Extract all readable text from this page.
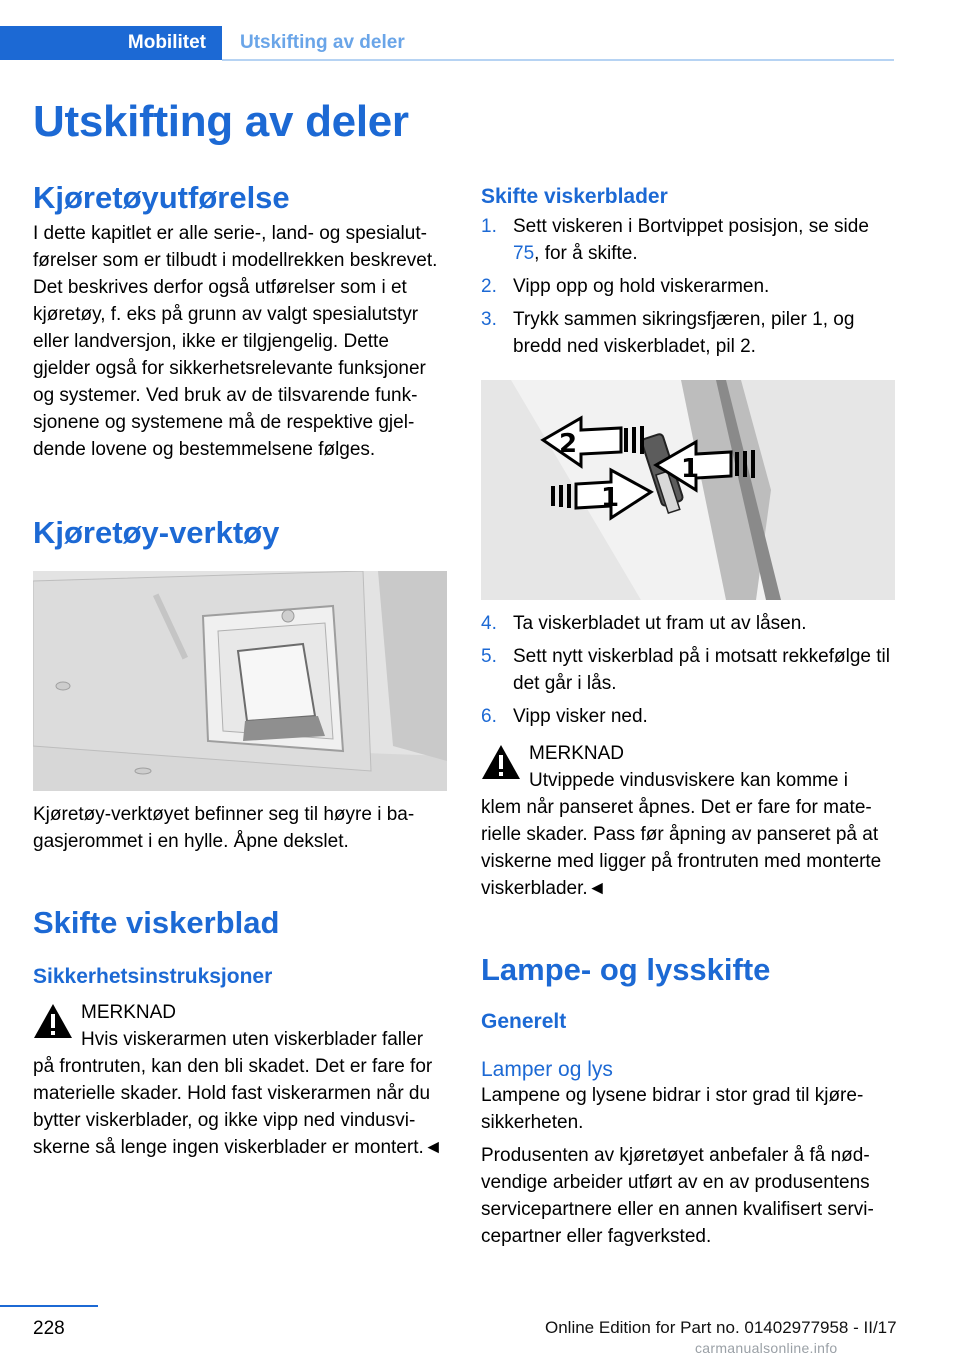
Mobilitet	Utskifting av deler
Utskifting av deler
Kjøretøyutførelse

I dette kapitlet er alle serie-, land- og spesialutførelser som er tilbudt i modellrekken beskrevet. Det beskrives derfor også utførelser som i et kjøretøy, f. eks på grunn av valgt spesialutstyr eller landversjon, ikke er tilgjengelig. Dette gjelder også for sikkerhetsrelevante funksjoner og systemer. Ved bruk av de tilsvarende funksjonene og systemene må de respektive gjeldende lovene og bestemmelsene følges.

Kjøretøy-verktøy

Kjøretøy-verktøyet befinner seg til høyre i bagasjerommet i en hylle. Åpne dekslet.

Skifte viskerblad
Sikkerhetsinstruksjoner
MERKNAD

Hvis viskerarmen uten viskerblader faller

på frontruten, kan den bli skadet. Det er fare for materielle skader. Hold fast viskerarmen når du bytter viskerblader, og ikke vipp ned vindusviskerne så lenge ingen viskerblader er montert.◄

Skifte viskerblader
1. Sett viskeren i Bortvippet posisjon, se side 75, for å skifte.
2. Vipp opp og hold viskerarmen.
3. Trykk sammen sikringsfjæren, piler 1, og bredd ned viskerbladet, pil 2.
2
1
1
4. Ta viskerbladet ut fram ut av låsen.
5. Sett nytt viskerblad på i motsatt rekkefølge til det går i lås.
6. Vipp visker ned.
MERKNAD

Utvippede vindusviskere kan komme i

klem når panseret åpnes. Det er fare for materielle skader. Pass før åpning av panseret på at viskerne med ligger på frontruten med monterte viskerblader.◄

Lampe- og lysskifte
Generelt
Lamper og lys

Lampene og lysene bidrar i stor grad til kjøresikkerheten.

Produsenten av kjøretøyet anbefaler å få nødvendige arbeider utført av en av produsentens servicepartnere eller en annen kvalifisert servicepartner eller fagverksted.

228	Online Edition for Part no. 01402977958 - II/17
carmanualsonline.info
